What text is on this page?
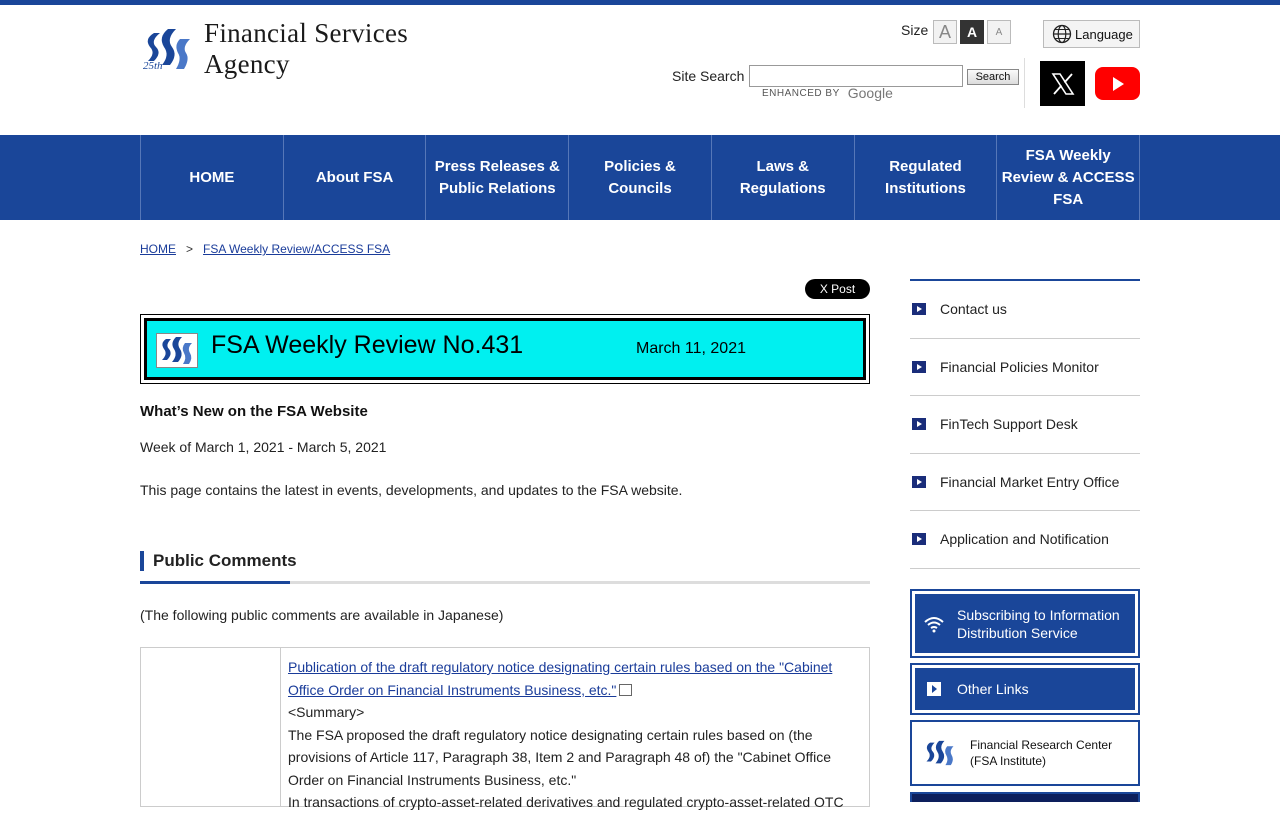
25th
Financial Services Agency
Size A	A	A	Language
Site Search	Search
ENHANCED BY Google
HOME	About FSA
Press Releases & Public Relations
Policies & Councils
Laws & Regulations
Regulated Institutions
FSA Weekly Review & ACCESS FSA
HOME > FSA Weekly Review/ACCESS FSA
X Post
FSA Weekly Review No.431	March 11, 2021
What’s New on the FSA Website
Week of March 1, 2021 - March 5, 2021
This page contains the latest in events, developments, and updates to the FSA website.
Public Comments
(The following public comments are available in Japanese)
Publication of the draft regulatory notice designating certain rules based on the "Cabinet Office Order on Financial Instruments Business, etc."
<Summary>
The FSA proposed the draft regulatory notice designating certain rules based on (the provisions of Article 117, Paragraph 38, Item 2 and Paragraph 48 of) the "Cabinet Office Order on Financial Instruments Business, etc."
In transactions of crypto-asset-related derivatives and regulated crypto-asset-related OTC
Contact us
Financial Policies Monitor
FinTech Support Desk
Financial Market Entry Office
Application and Notification
Subscribing to Information Distribution Service
Other Links
Financial Research Center (FSA Institute)
